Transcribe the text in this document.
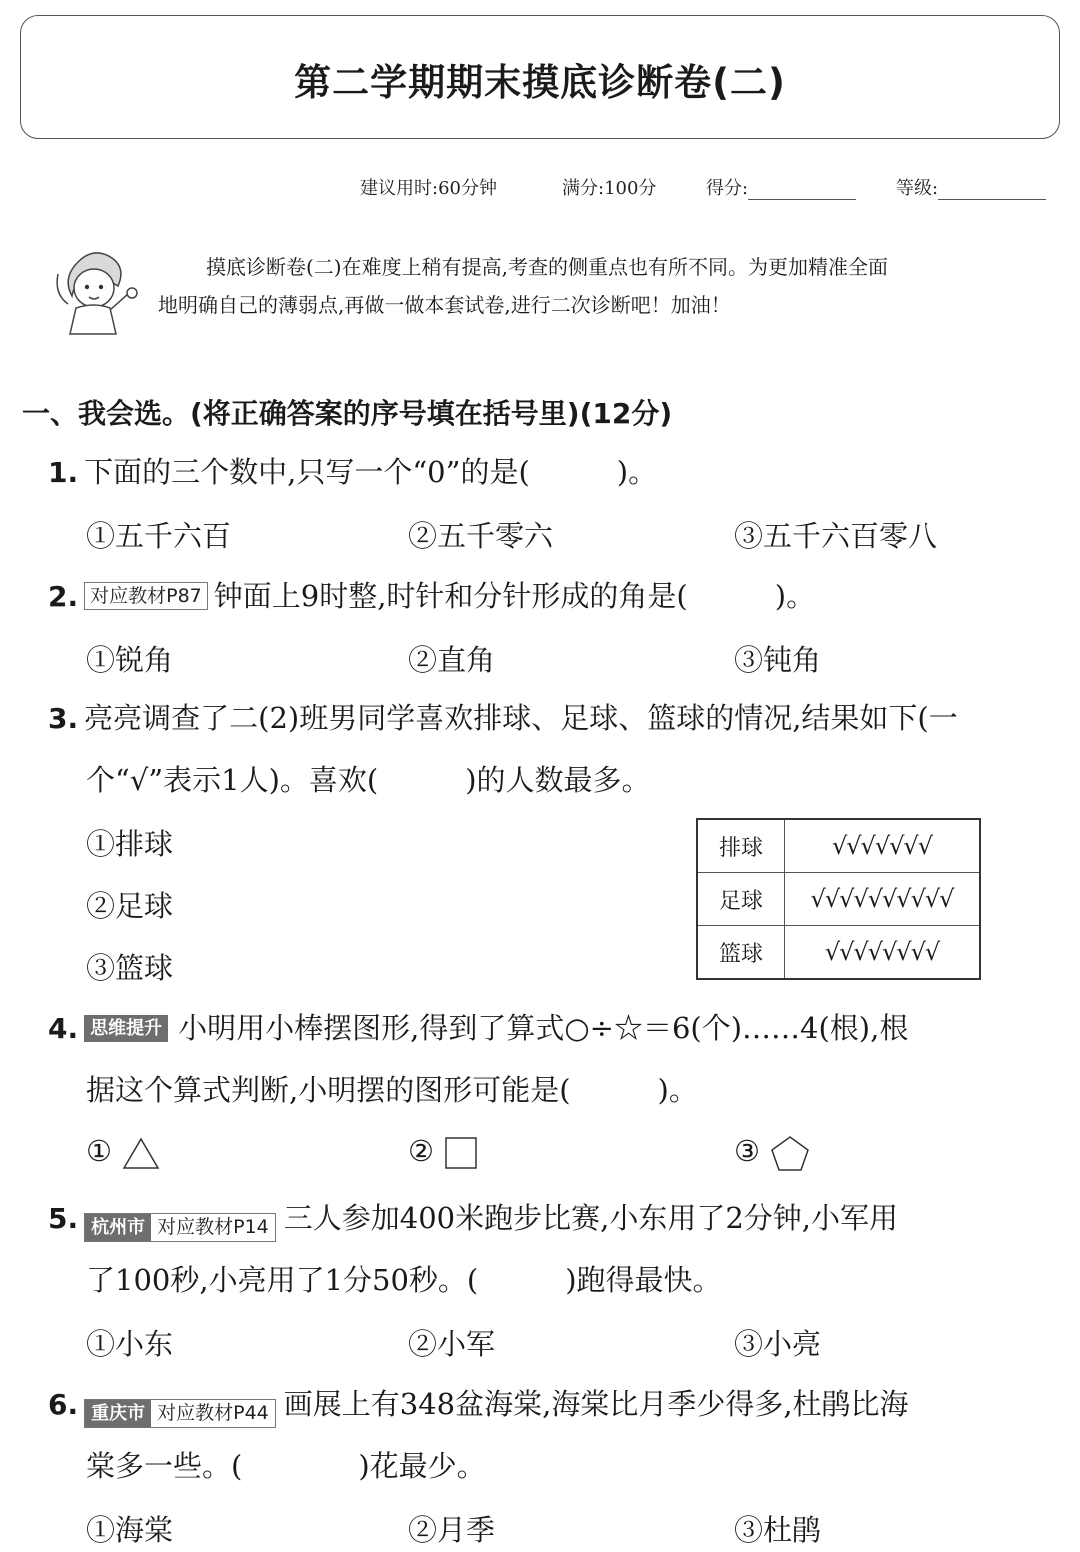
第二学期期末摸底诊断卷(二)
建议用时:60分钟	满分:100分	得分:	等级:
摸底诊断卷(二)在难度上稍有提高,考查的侧重点也有所不同。为更加精准全面
地明确自己的薄弱点,再做一做本套试卷,进行二次诊断吧！加油！
一、我会选。(将正确答案的序号填在括号里)(12分)
1. 下面的三个数中,只写一个“0”的是(　　　)。
①五千六百	②五千零六	③五千六百零八
2. 对应教材P87 钟面上9时整,时针和分针形成的角是(　　　)。
①锐角	②直角	③钝角
3. 亮亮调查了二(2)班男同学喜欢排球、足球、篮球的情况,结果如下(一
个“√”表示1人)。喜欢(　　　)的人数最多。
①排球
②足球
③篮球
排球	√√√√√√√
足球	√√√√√√√√√√
篮球	√√√√√√√√
4. 思维提升 小明用小棒摆图形,得到了算式○÷☆＝6(个)……4(根),根
据这个算式判断,小明摆的图形可能是(　　　)。
①	②	③
5. 杭州市 对应教材P14 三人参加400米跑步比赛,小东用了2分钟,小军用
了100秒,小亮用了1分50秒。(　　　)跑得最快。
①小东	②小军	③小亮
6. 重庆市 对应教材P44 画展上有348盆海棠,海棠比月季少得多,杜鹃比海
棠多一些。(　　　　)花最少。
①海棠	②月季	③杜鹃
